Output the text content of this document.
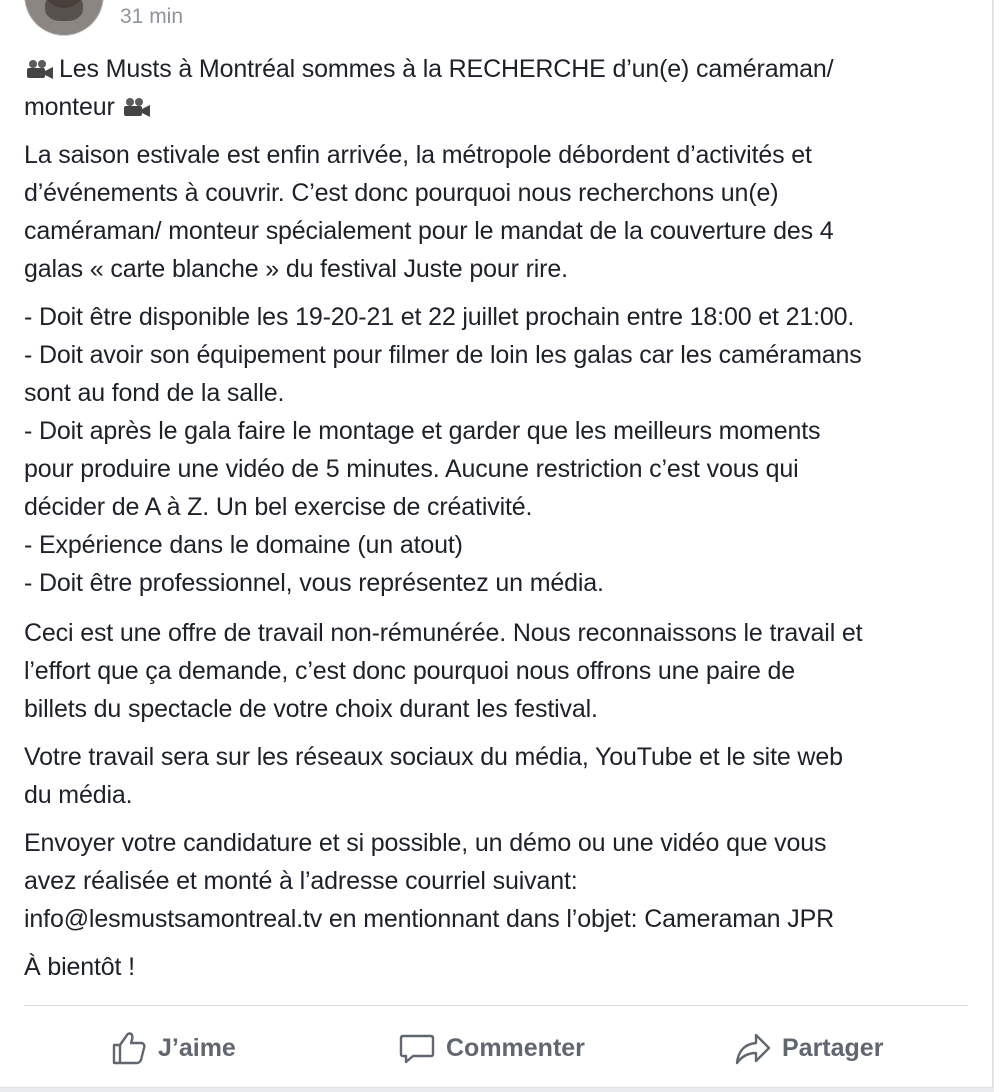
31 min

Les Musts à Montréal sommes à la RECHERCHE d’un(e) caméraman/
monteur

La saison estivale est enfin arrivée, la métropole débordent d’activités et
d’événements à couvrir. C’est donc pourquoi nous recherchons un(e)
caméraman/ monteur spécialement pour le mandat de la couverture des 4
galas « carte blanche » du festival Juste pour rire.

- Doit être disponible les 19-20-21 et 22 juillet prochain entre 18:00 et 21:00.
- Doit avoir son équipement pour filmer de loin les galas car les caméramans
sont au fond de la salle.
- Doit après le gala faire le montage et garder que les meilleurs moments
pour produire une vidéo de 5 minutes. Aucune restriction c’est vous qui
décider de A à Z. Un bel exercise de créativité.
- Expérience dans le domaine (un atout)
- Doit être professionnel, vous représentez un média.

Ceci est une offre de travail non-rémunérée. Nous reconnaissons le travail et
l’effort que ça demande, c’est donc pourquoi nous offrons une paire de
billets du spectacle de votre choix durant les festival.

Votre travail sera sur les réseaux sociaux du média, YouTube et le site web
du média.

Envoyer votre candidature et si possible, un démo ou une vidéo que vous
avez réalisée et monté à l’adresse courriel suivant:
info@lesmustsamontreal.tv en mentionnant dans l’objet: Cameraman JPR

À bientôt !

J’aime	Commenter	Partager
